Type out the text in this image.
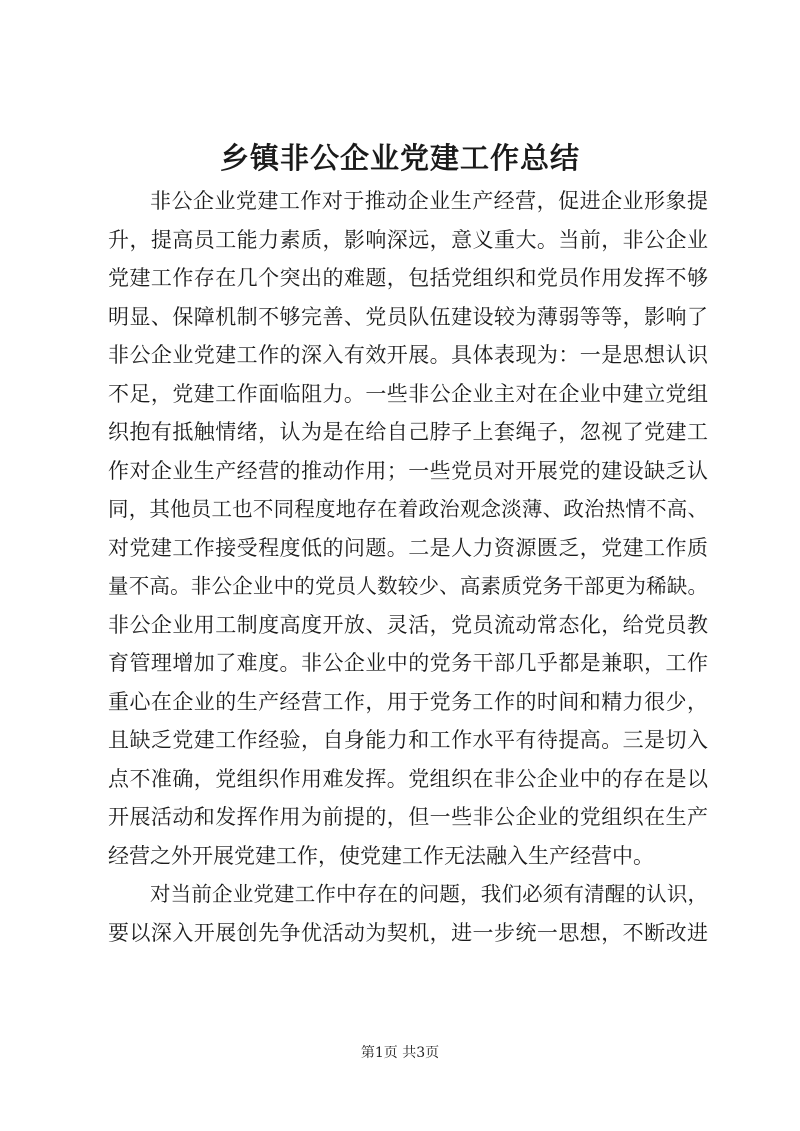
乡镇非公企业党建工作总结
非公企业党建工作对于推动企业生产经营，促进企业形象提
升，提高员工能力素质，影响深远，意义重大。当前，非公企业
党建工作存在几个突出的难题，包括党组织和党员作用发挥不够
明显、保障机制不够完善、党员队伍建设较为薄弱等等，影响了
非公企业党建工作的深入有效开展。具体表现为：一是思想认识
不足，党建工作面临阻力。一些非公企业主对在企业中建立党组
织抱有抵触情绪，认为是在给自己脖子上套绳子，忽视了党建工
作对企业生产经营的推动作用；一些党员对开展党的建设缺乏认
同，其他员工也不同程度地存在着政治观念淡薄、政治热情不高、
对党建工作接受程度低的问题。二是人力资源匮乏，党建工作质
量不高。非公企业中的党员人数较少、高素质党务干部更为稀缺。
非公企业用工制度高度开放、灵活，党员流动常态化，给党员教
育管理增加了难度。非公企业中的党务干部几乎都是兼职，工作
重心在企业的生产经营工作，用于党务工作的时间和精力很少，
且缺乏党建工作经验，自身能力和工作水平有待提高。三是切入
点不准确，党组织作用难发挥。党组织在非公企业中的存在是以
开展活动和发挥作用为前提的，但一些非公企业的党组织在生产
经营之外开展党建工作，使党建工作无法融入生产经营中。
对当前企业党建工作中存在的问题，我们必须有清醒的认识，
要以深入开展创先争优活动为契机，进一步统一思想，不断改进
第1页 共3页
